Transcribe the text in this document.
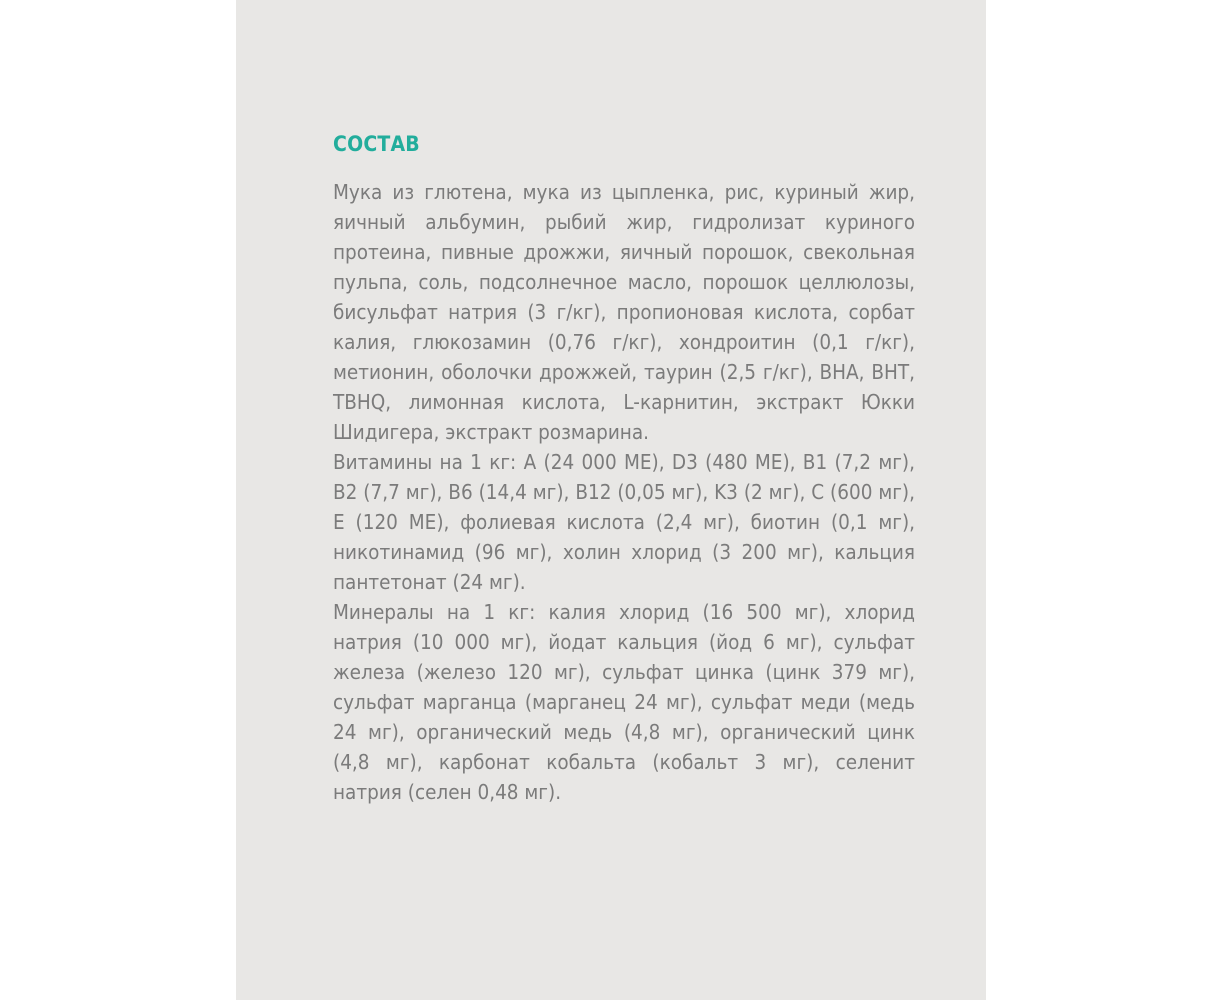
СОСТАВ

Мука из глютена, мука из цыпленка, рис, куриный жир, яичный альбумин, рыбий жир, гидролизат куриного протеина, пивные дрожжи, яичный порошок, свекольная пульпа, соль, подсолнечное масло, порошок целлюлозы, бисульфат натрия (3 г/кг), пропионовая кислота, сорбат калия, глюкозамин (0,76 г/кг), хондроитин (0,1 г/кг), метионин, оболочки дрожжей, таурин (2,5 г/кг), BHA, BHT, TBHQ, лимонная кислота, L-карнитин, экстракт Юкки Шидигера, экстракт розмарина.

Витамины на 1 кг: A (24 000 МЕ), D3 (480 МЕ), B1 (7,2 мг), B2 (7,7 мг), B6 (14,4 мг), B12 (0,05 мг), K3 (2 мг), C (600 мг), E (120 МЕ), фолиевая кислота (2,4 мг), биотин (0,1 мг), никотинамид (96 мг), холин хлорид (3 200 мг), кальция пантетонат (24 мг).

Минералы на 1 кг: калия хлорид (16 500 мг), хлорид натрия (10 000 мг), йодат кальция (йод 6 мг), сульфат железа (железо 120 мг), сульфат цинка (цинк 379 мг), сульфат марганца (марганец 24 мг), сульфат меди (медь 24 мг), органический медь (4,8 мг), органический цинк (4,8 мг), карбонат кобальта (кобальт 3 мг), селенит натрия (селен 0,48 мг).
